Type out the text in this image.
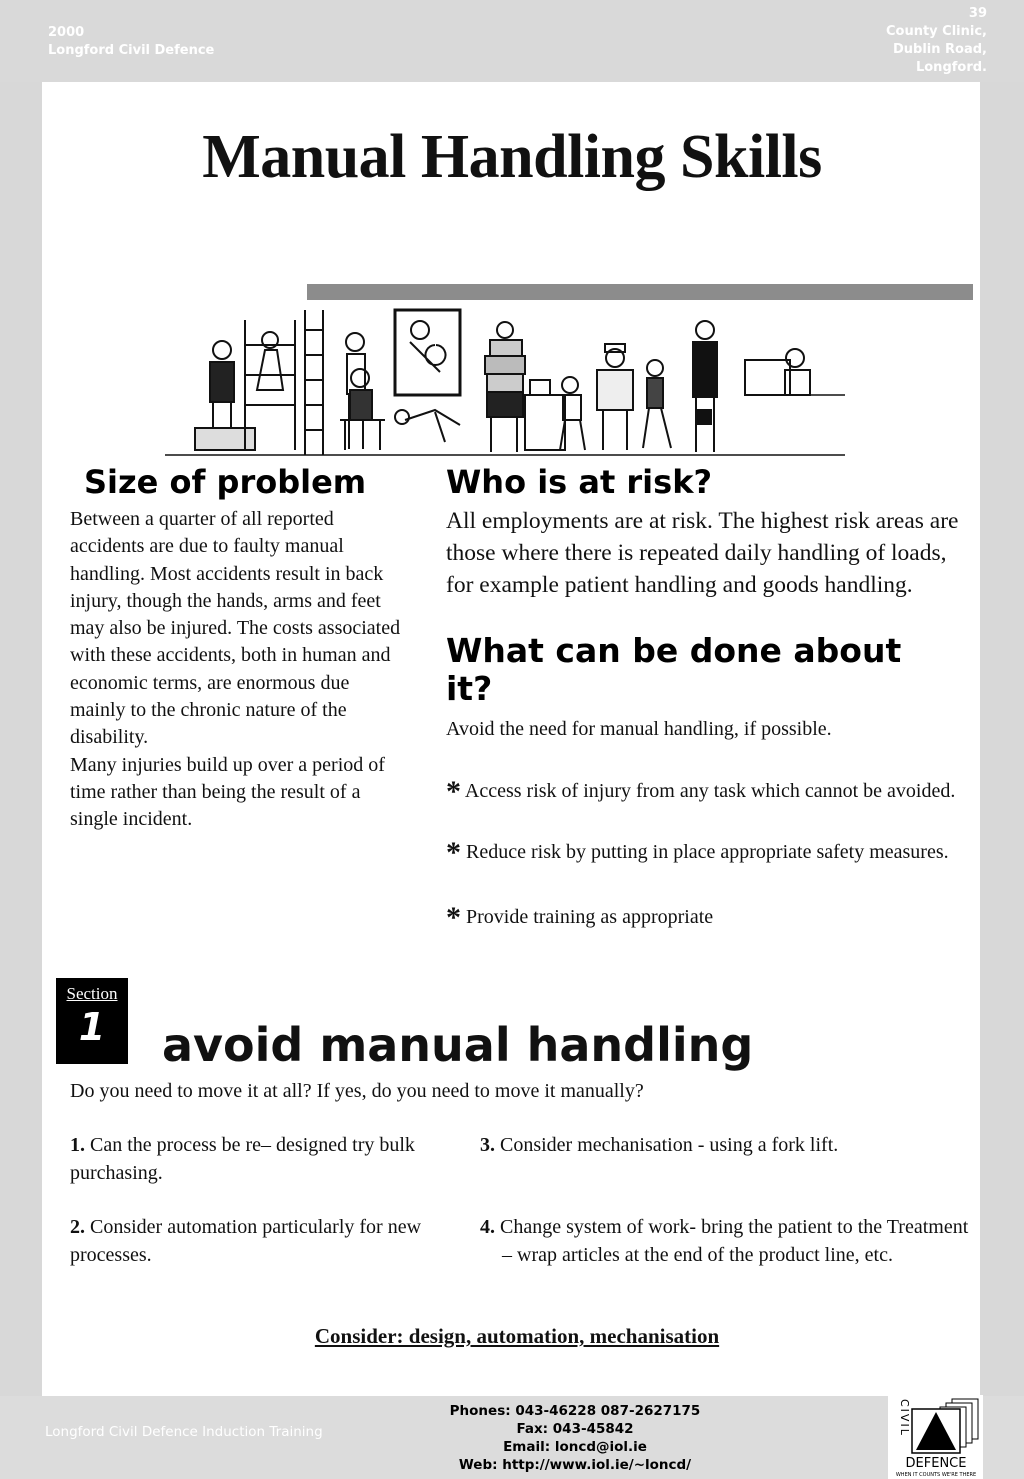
2000
Longford Civil Defence
39
County Clinic,
Dublin Road,
Longford.
Manual Handling Skills
Size of problem
Between a quarter of all reported accidents are due to faulty manual handling. Most accidents result in back injury, though the hands, arms and feet may also be injured. The costs associated with these accidents, both in human and economic terms, are enormous due mainly to the chronic nature of the disability.
Many injuries build up over a period of time rather than being the result of a single incident.
Who is at risk?
All employments are at risk. The highest risk areas are those where there is repeated daily handling of loads, for example patient handling and goods handling.
What can be done about it?

Avoid the need for manual handling, if possible.

* Access risk of injury from any task which cannot be avoided.

* Reduce risk by putting in place appropriate safety measures.

* Provide training as appropriate

Section
1	avoid manual handling
Do you need to move it at all? If yes, do you need to move it manually?
1. Can the process be re– designed try bulk purchasing.
2. Consider automation particularly for new processes.
3. Consider mechanisation - using a fork lift.
4. Change system of work- bring the patient to the Treatment – wrap articles at the end of the product line, etc.
Consider: design, automation, mechanisation
Longford Civil Defence Induction Training
Phones: 043-46228 087-2627175
Fax: 043-45842
Email: loncd@iol.ie
Web: http://www.iol.ie/~loncd/
CIVIL
DEFENCE
WHEN IT COUNTS WE'RE THERE
